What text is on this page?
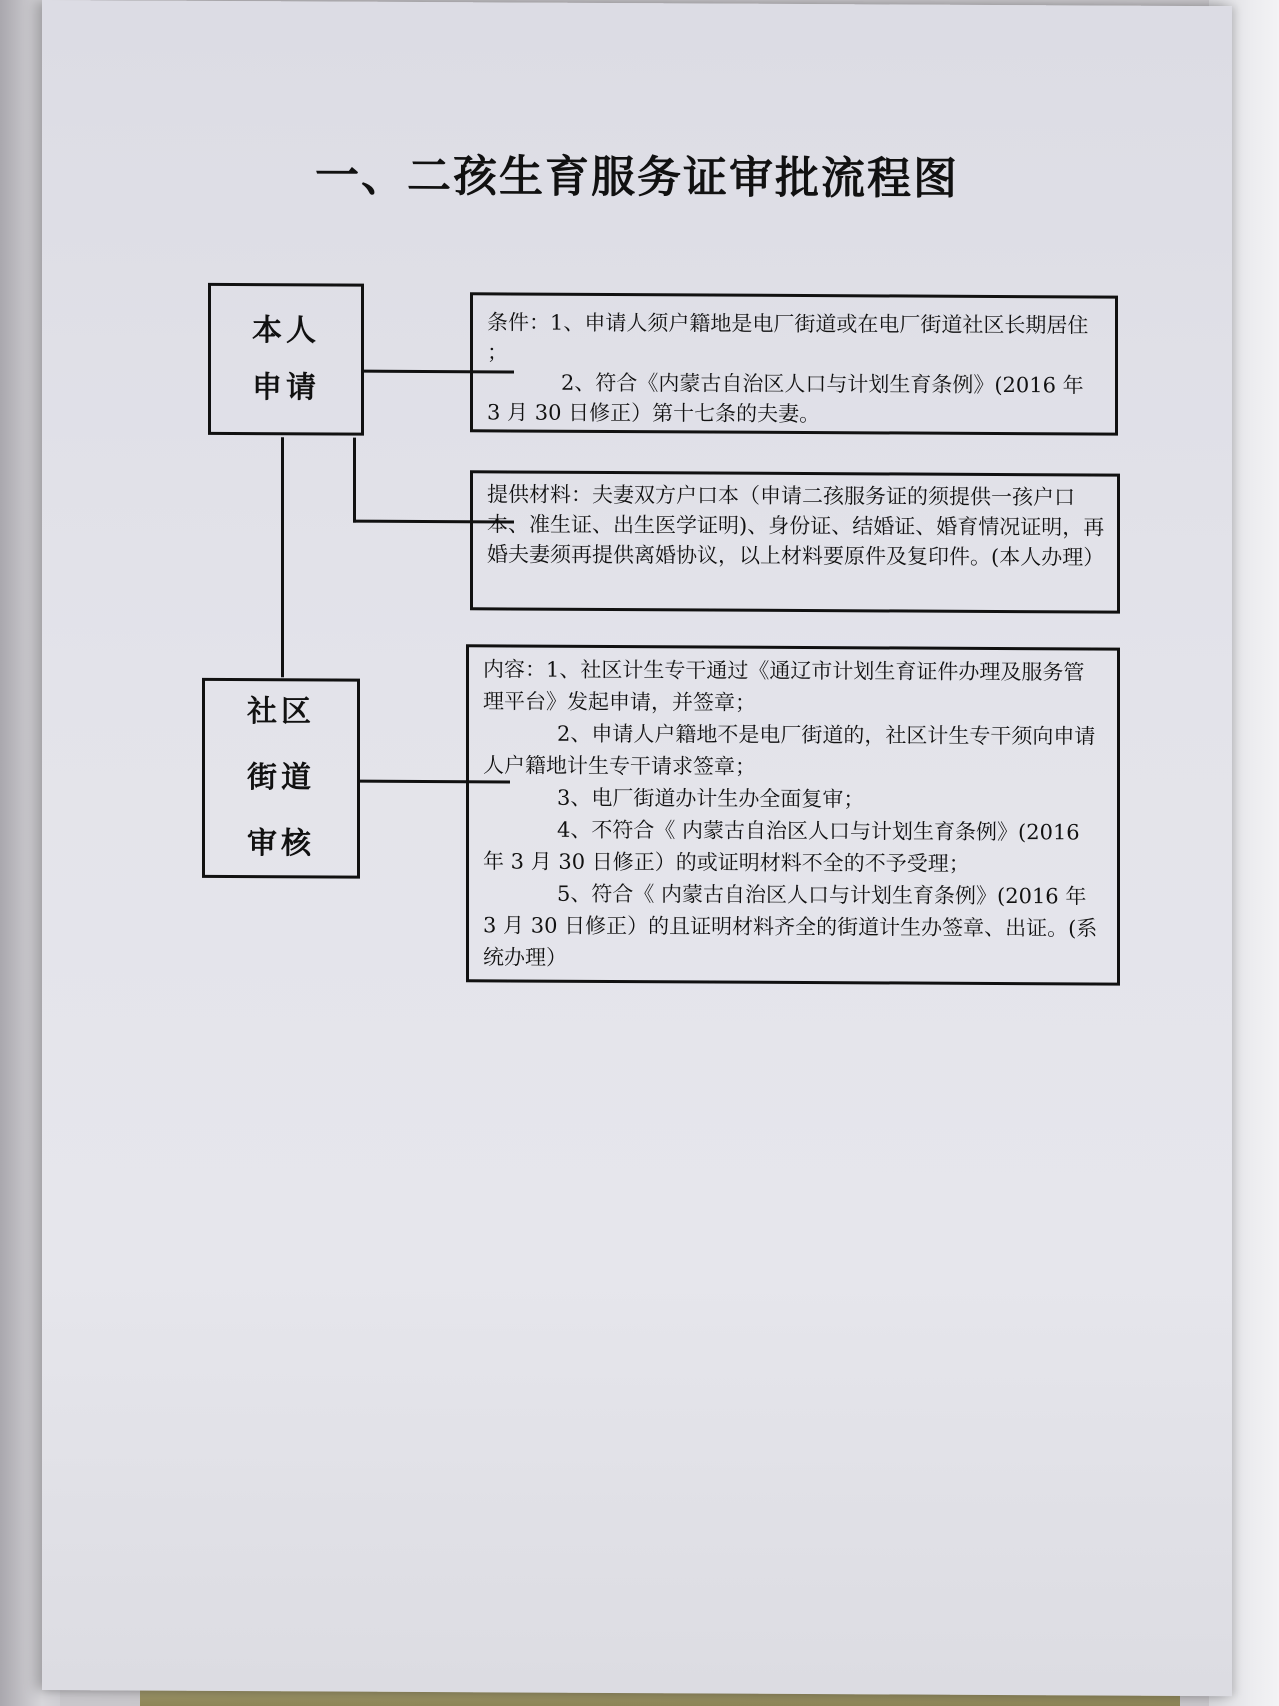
一、二孩生育服务证审批流程图
本人
申请

条件：1、申请人须户籍地是电厂街道或在电厂街道社区长期居住 ；

2、符合《内蒙古自治区人口与计划生育条例》(2016 年 3 月 30 日修正）第十七条的夫妻。

提供材料：夫妻双方户口本（申请二孩服务证的须提供一孩户口本、准生证、出生医学证明)、身份证、结婚证、婚育情况证明，再婚夫妻须再提供离婚协议，以上材料要原件及复印件。(本人办理）

社区
街道
审核

内容：1、社区计生专干通过《通辽市计划生育证件办理及服务管理平台》发起申请，并签章；

2、申请人户籍地不是电厂街道的，社区计生专干须向申请人户籍地计生专干请求签章；

3、电厂街道办计生办全面复审；

4、不符合《 内蒙古自治区人口与计划生育条例》(2016 年 3 月 30 日修正）的或证明材料不全的不予受理；

5、符合《 内蒙古自治区人口与计划生育条例》(2016 年 3 月 30 日修正）的且证明材料齐全的街道计生办签章、出证。(系统办理）
